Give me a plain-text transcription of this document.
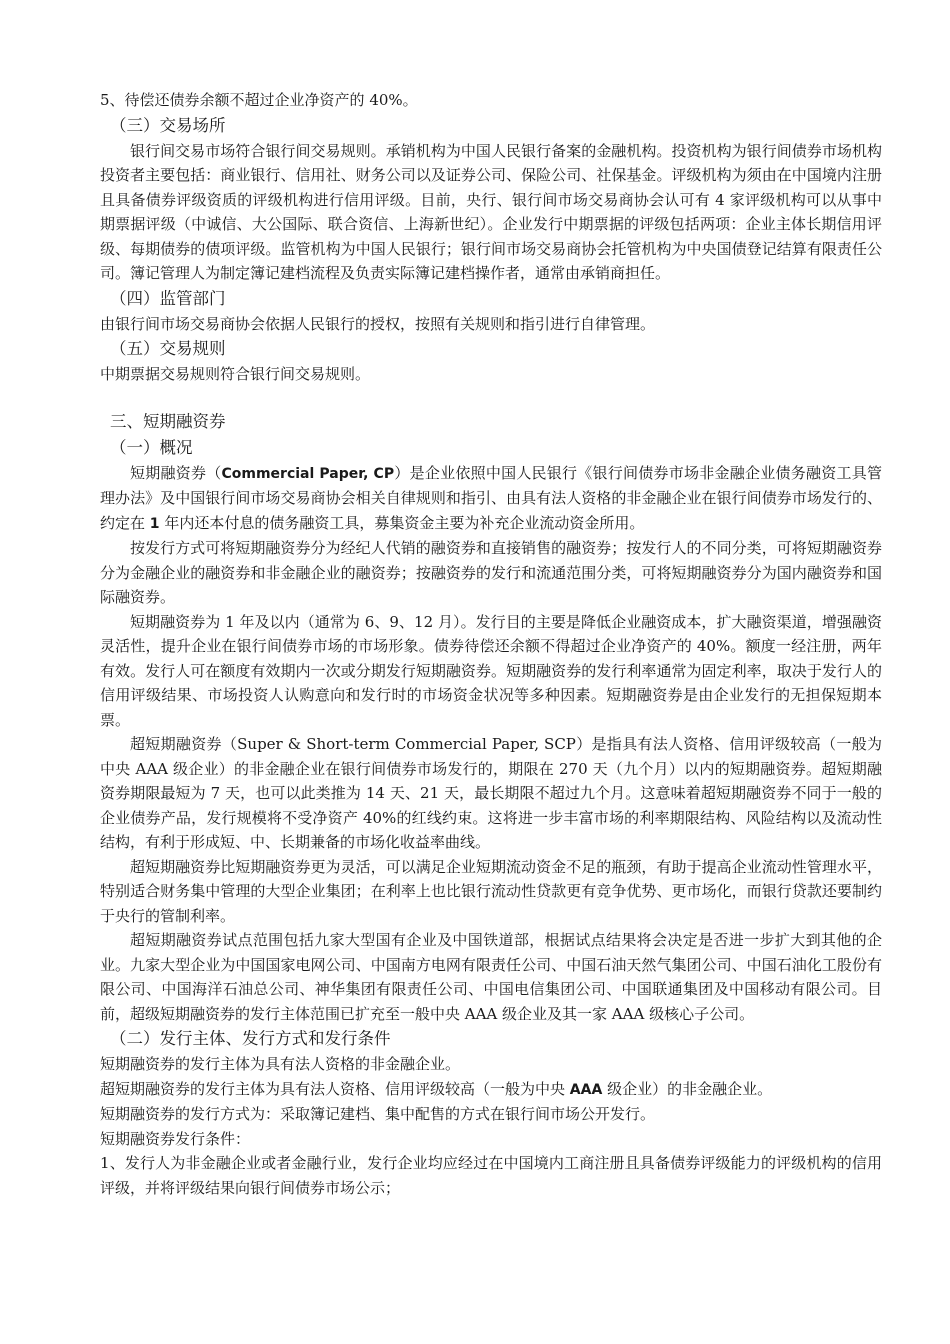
5、待偿还债券余额不超过企业净资产的 40%。

（三）交易场所

银行间交易市场符合银行间交易规则。承销机构为中国人民银行备案的金融机构。投资机构为银行间债券市场机构投资者主要包括：商业银行、信用社、财务公司以及证券公司、保险公司、社保基金。评级机构为须由在中国境内注册且具备债券评级资质的评级机构进行信用评级。目前，央行、银行间市场交易商协会认可有 4 家评级机构可以从事中期票据评级（中诚信、大公国际、联合资信、上海新世纪）。企业发行中期票据的评级包括两项：企业主体长期信用评级、每期债券的债项评级。监管机构为中国人民银行；银行间市场交易商协会托管机构为中央国债登记结算有限责任公司。簿记管理人为制定簿记建档流程及负责实际簿记建档操作者，通常由承销商担任。

（四）监管部门

由银行间市场交易商协会依据人民银行的授权，按照有关规则和指引进行自律管理。

（五）交易规则

中期票据交易规则符合银行间交易规则。

三、短期融资券

（一）概况

短期融资券（Commercial Paper, CP）是企业依照中国人民银行《银行间债券市场非金融企业债务融资工具管理办法》及中国银行间市场交易商协会相关自律规则和指引、由具有法人资格的非金融企业在银行间债券市场发行的、约定在 1 年内还本付息的债务融资工具，募集资金主要为补充企业流动资金所用。

按发行方式可将短期融资券分为经纪人代销的融资券和直接销售的融资券；按发行人的不同分类，可将短期融资券分为金融企业的融资券和非金融企业的融资券；按融资券的发行和流通范围分类，可将短期融资券分为国内融资券和国际融资券。

短期融资券为 1 年及以内（通常为 6、9、12 月）。发行目的主要是降低企业融资成本，扩大融资渠道，增强融资灵活性，提升企业在银行间债券市场的市场形象。债券待偿还余额不得超过企业净资产的 40%。额度一经注册，两年有效。发行人可在额度有效期内一次或分期发行短期融资券。短期融资券的发行利率通常为固定利率，取决于发行人的信用评级结果、市场投资人认购意向和发行时的市场资金状况等多种因素。短期融资券是由企业发行的无担保短期本票。

超短期融资券（Super & Short-term Commercial Paper, SCP）是指具有法人资格、信用评级较高（一般为中央 AAA 级企业）的非金融企业在银行间债券市场发行的，期限在 270 天（九个月）以内的短期融资券。超短期融资券期限最短为 7 天，也可以此类推为 14 天、21 天，最长期限不超过九个月。这意味着超短期融资券不同于一般的企业债券产品，发行规模将不受净资产 40%的红线约束。这将进一步丰富市场的利率期限结构、风险结构以及流动性结构，有利于形成短、中、长期兼备的市场化收益率曲线。

超短期融资券比短期融资券更为灵活，可以满足企业短期流动资金不足的瓶颈，有助于提高企业流动性管理水平，特别适合财务集中管理的大型企业集团；在利率上也比银行流动性贷款更有竞争优势、更市场化，而银行贷款还要制约于央行的管制利率。

超短期融资券试点范围包括九家大型国有企业及中国铁道部，根据试点结果将会决定是否进一步扩大到其他的企业。九家大型企业为中国国家电网公司、中国南方电网有限责任公司、中国石油天然气集团公司、中国石油化工股份有限公司、中国海洋石油总公司、神华集团有限责任公司、中国电信集团公司、中国联通集团及中国移动有限公司。目前，超级短期融资券的发行主体范围已扩充至一般中央 AAA 级企业及其一家 AAA 级核心子公司。

（二）发行主体、发行方式和发行条件

短期融资券的发行主体为具有法人资格的非金融企业。

超短期融资券的发行主体为具有法人资格、信用评级较高（一般为中央 AAA 级企业）的非金融企业。

短期融资券的发行方式为：采取簿记建档、集中配售的方式在银行间市场公开发行。

短期融资券发行条件：

1、发行人为非金融企业或者金融行业，发行企业均应经过在中国境内工商注册且具备债券评级能力的评级机构的信用评级，并将评级结果向银行间债券市场公示；
